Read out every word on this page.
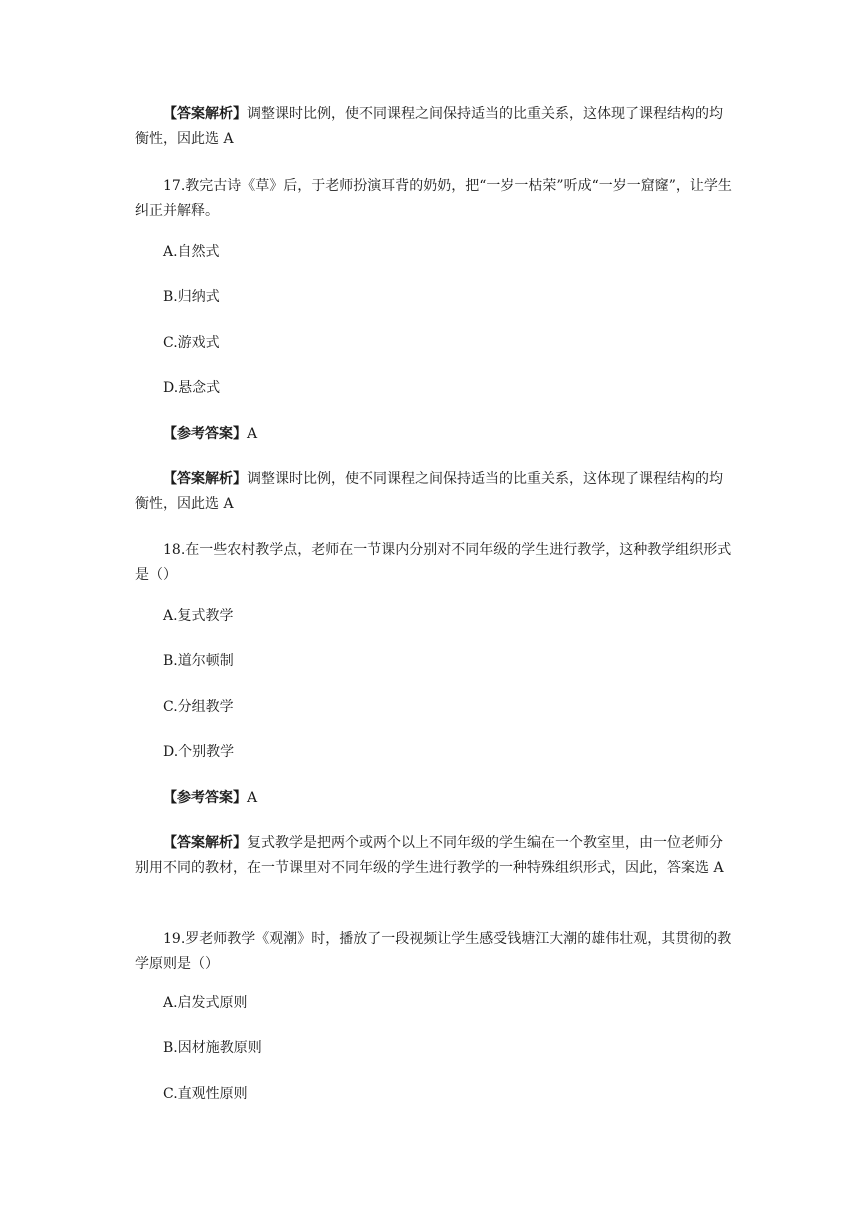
【答案解析】调整课时比例，使不同课程之间保持适当的比重关系，这体现了课程结构的均衡性，因此选 A

17.教完古诗《草》后，于老师扮演耳背的奶奶，把“一岁一枯荣”听成“一岁一窟窿”，让学生纠正并解释。

A.自然式

B.归纳式

C.游戏式

D.悬念式

【参考答案】A

【答案解析】调整课时比例，使不同课程之间保持适当的比重关系，这体现了课程结构的均衡性，因此选 A

18.在一些农村教学点，老师在一节课内分别对不同年级的学生进行教学，这种教学组织形式是（）

A.复式教学

B.道尔顿制

C.分组教学

D.个别教学

【参考答案】A

【答案解析】复式教学是把两个或两个以上不同年级的学生编在一个教室里，由一位老师分别用不同的教材，在一节课里对不同年级的学生进行教学的一种特殊组织形式，因此，答案选 A

19.罗老师教学《观潮》时，播放了一段视频让学生感受钱塘江大潮的雄伟壮观，其贯彻的教学原则是（）

A.启发式原则

B.因材施教原则

C.直观性原则
